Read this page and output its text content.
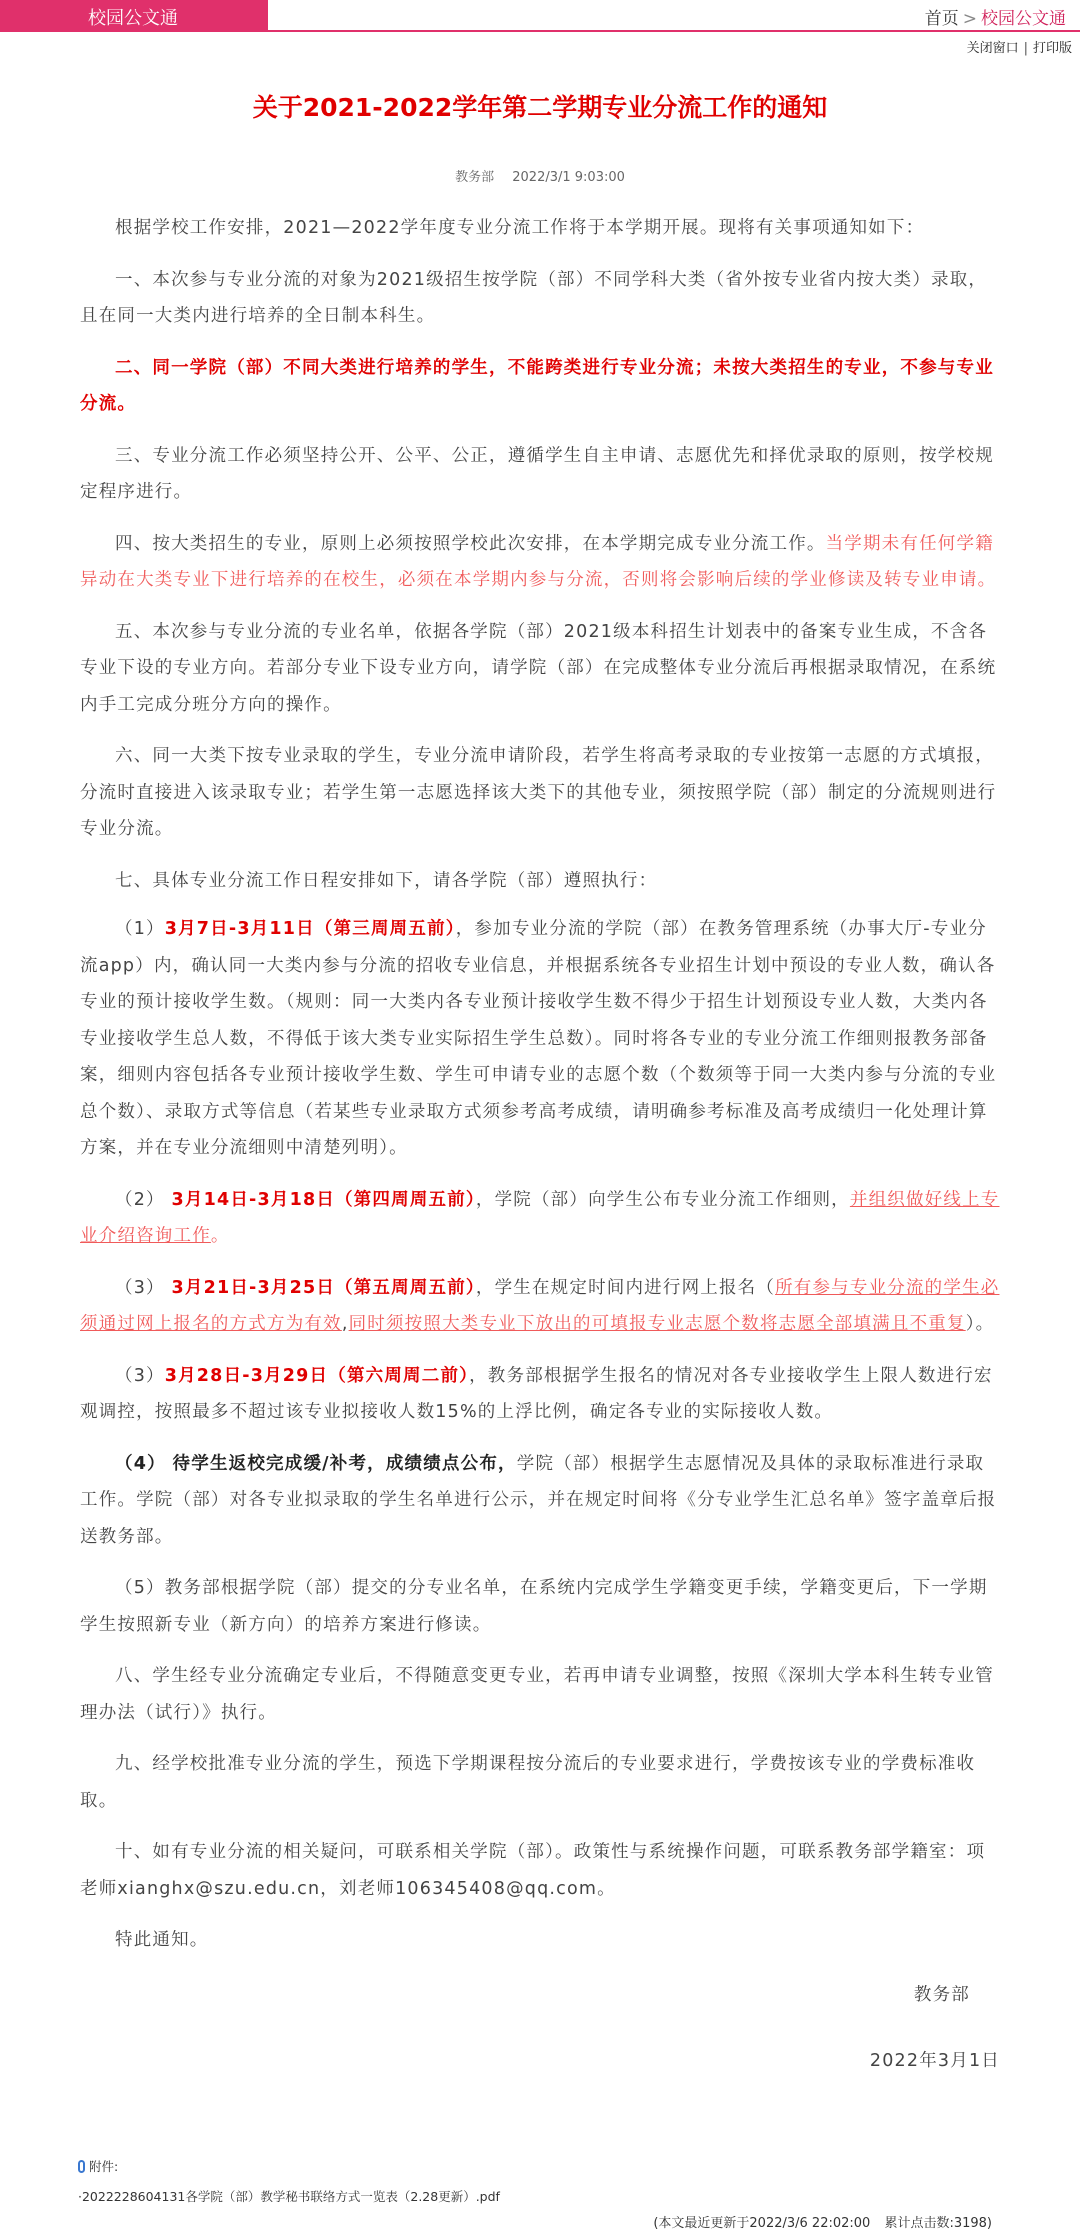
校园公文通	首页 > 校园公文通
关闭窗口 | 打印版
关于2021-2022学年第二学期专业分流工作的通知
教务部 2022/3/1 9:03:00

根据学校工作安排，2021—2022学年度专业分流工作将于本学期开展。现将有关事项通知如下：

一、本次参与专业分流的对象为2021级招生按学院（部）不同学科大类（省外按专业省内按大类）录取，且在同一大类内进行培养的全日制本科生。

二、同一学院（部）不同大类进行培养的学生，不能跨类进行专业分流；未按大类招生的专业，不参与专业分流。

三、专业分流工作必须坚持公开、公平、公正，遵循学生自主申请、志愿优先和择优录取的原则，按学校规定程序进行。

四、按大类招生的专业，原则上必须按照学校此次安排，在本学期完成专业分流工作。当学期未有任何学籍异动在大类专业下进行培养的在校生，必须在本学期内参与分流，否则将会影响后续的学业修读及转专业申请。

五、本次参与专业分流的专业名单，依据各学院（部）2021级本科招生计划表中的备案专业生成，不含各专业下设的专业方向。若部分专业下设专业方向，请学院（部）在完成整体专业分流后再根据录取情况，在系统内手工完成分班分方向的操作。

六、同一大类下按专业录取的学生，专业分流申请阶段，若学生将高考录取的专业按第一志愿的方式填报，分流时直接进入该录取专业；若学生第一志愿选择该大类下的其他专业，须按照学院（部）制定的分流规则进行专业分流。

七、具体专业分流工作日程安排如下，请各学院（部）遵照执行：

（1）3月7日-3月11日（第三周周五前），参加专业分流的学院（部）在教务管理系统（办事大厅-专业分流app）内，确认同一大类内参与分流的招收专业信息，并根据系统各专业招生计划中预设的专业人数，确认各专业的预计接收学生数。（规则：同一大类内各专业预计接收学生数不得少于招生计划预设专业人数，大类内各专业接收学生总人数，不得低于该大类专业实际招生学生总数）。同时将各专业的专业分流工作细则报教务部备案，细则内容包括各专业预计接收学生数、学生可申请专业的志愿个数（个数须等于同一大类内参与分流的专业总个数）、录取方式等信息（若某些专业录取方式须参考高考成绩，请明确参考标准及高考成绩归一化处理计算方案，并在专业分流细则中清楚列明）。

（2） 3月14日-3月18日（第四周周五前），学院（部）向学生公布专业分流工作细则，并组织做好线上专业介绍咨询工作。

（3） 3月21日-3月25日（第五周周五前），学生在规定时间内进行网上报名（所有参与专业分流的学生必须通过网上报名的方式方为有效,同时须按照大类专业下放出的可填报专业志愿个数将志愿全部填满且不重复）。

（3）3月28日-3月29日（第六周周二前），教务部根据学生报名的情况对各专业接收学生上限人数进行宏观调控，按照最多不超过该专业拟接收人数15%的上浮比例，确定各专业的实际接收人数。

（4） 待学生返校完成缓/补考，成绩绩点公布，学院（部）根据学生志愿情况及具体的录取标准进行录取工作。学院（部）对各专业拟录取的学生名单进行公示，并在规定时间将《分专业学生汇总名单》签字盖章后报送教务部。

（5）教务部根据学院（部）提交的分专业名单，在系统内完成学生学籍变更手续，学籍变更后，下一学期学生按照新专业（新方向）的培养方案进行修读。

八、学生经专业分流确定专业后，不得随意变更专业，若再申请专业调整，按照《深圳大学本科生转专业管理办法（试行）》执行。

九、经学校批准专业分流的学生，预选下学期课程按分流后的专业要求进行，学费按该专业的学费标准收取。

十、如有专业分流的相关疑问，可联系相关学院（部）。政策性与系统操作问题，可联系教务部学籍室：项老师xianghx@szu.edu.cn，刘老师106345408@qq.com。

特此通知。

教务部
2022年3月1日
附件:
·2022228604131各学院（部）教学秘书联络方式一览表（2.28更新）.pdf
(本文最近更新于2022/3/6 22:02:00 累计点击数:3198)
